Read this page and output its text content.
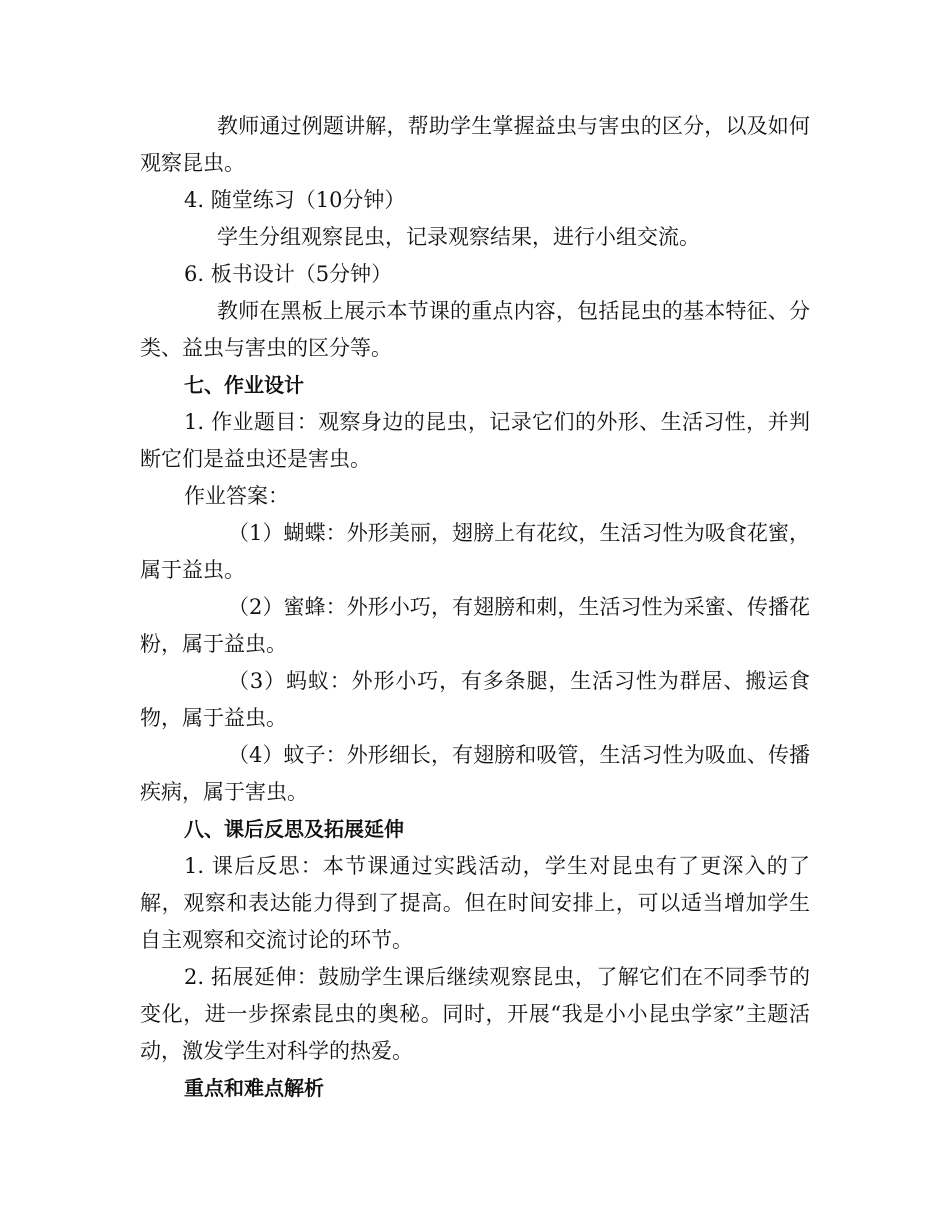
教师通过例题讲解，帮助学生掌握益虫与害虫的区分，以及如何观察昆虫。

4. 随堂练习（10分钟）

学生分组观察昆虫，记录观察结果，进行小组交流。

6. 板书设计（5分钟）

教师在黑板上展示本节课的重点内容，包括昆虫的基本特征、分类、益虫与害虫的区分等。

七、作业设计

1. 作业题目：观察身边的昆虫，记录它们的外形、生活习性，并判断它们是益虫还是害虫。

作业答案：

（1）蝴蝶：外形美丽，翅膀上有花纹，生活习性为吸食花蜜，属于益虫。

（2）蜜蜂：外形小巧，有翅膀和刺，生活习性为采蜜、传播花粉，属于益虫。

（3）蚂蚁：外形小巧，有多条腿，生活习性为群居、搬运食物，属于益虫。

（4）蚊子：外形细长，有翅膀和吸管，生活习性为吸血、传播疾病，属于害虫。

八、课后反思及拓展延伸

1. 课后反思：本节课通过实践活动，学生对昆虫有了更深入的了解，观察和表达能力得到了提高。但在时间安排上，可以适当增加学生自主观察和交流讨论的环节。

2. 拓展延伸：鼓励学生课后继续观察昆虫，了解它们在不同季节的变化，进一步探索昆虫的奥秘。同时，开展“我是小小昆虫学家”主题活动，激发学生对科学的热爱。

重点和难点解析
